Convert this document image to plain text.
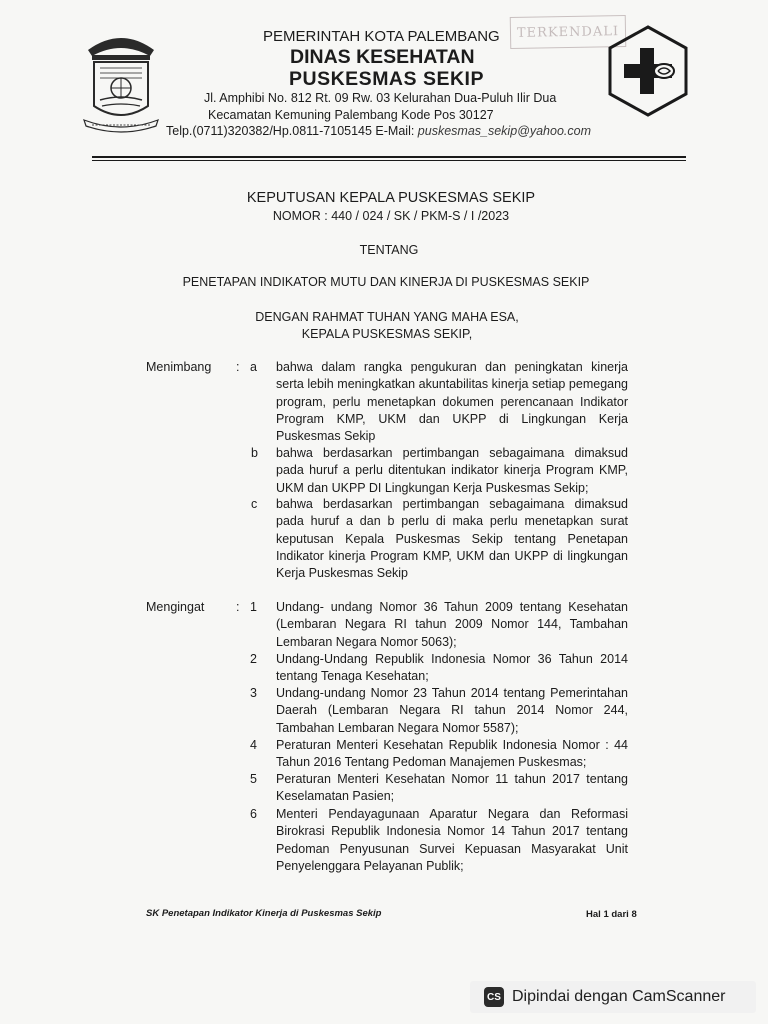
TERKENDALI
PEMERINTAH KOTA PALEMBANG
DINAS KESEHATAN
PUSKESMAS SEKIP
Jl. Amphibi No. 812 Rt. 09 Rw. 03 Kelurahan Dua-Puluh Ilir Dua
Kecamatan Kemuning Palembang Kode Pos 30127
Telp.(0711)320382/Hp.0811-7105145 E-Mail: puskesmas_sekip@yahoo.com
KEPUTUSAN KEPALA PUSKESMAS SEKIP
NOMOR : 440 / 024 / SK / PKM-S / I /2023
TENTANG
PENETAPAN INDIKATOR MUTU DAN KINERJA DI PUSKESMAS SEKIP
DENGAN RAHMAT TUHAN YANG MAHA ESA,
KEPALA PUSKESMAS SEKIP,
Menimbang : a bahwa dalam rangka pengukuran dan peningkatan kinerja serta lebih meningkatkan akuntabilitas kinerja setiap pemegang program, perlu menetapkan dokumen perencanaan Indikator Program KMP, UKM dan UKPP di Lingkungan Kerja Puskesmas Sekip

b bahwa berdasarkan pertimbangan sebagaimana dimaksud pada huruf a perlu ditentukan indikator kinerja Program KMP, UKM dan UKPP DI Lingkungan Kerja Puskesmas Sekip;

c bahwa berdasarkan pertimbangan sebagaimana dimaksud pada huruf a dan b perlu di maka perlu menetapkan surat keputusan Kepala Puskesmas Sekip tentang Penetapan Indikator kinerja Program KMP, UKM dan UKPP di lingkungan Kerja Puskesmas Sekip

Mengingat	: 1 Undang- undang Nomor 36 Tahun 2009 tentang Kesehatan (Lembaran Negara RI tahun 2009 Nomor 144, Tambahan Lembaran Negara Nomor 5063);

2 Undang-Undang Republik Indonesia Nomor 36 Tahun 2014 tentang Tenaga Kesehatan;

3 Undang-undang Nomor 23 Tahun 2014 tentang Pemerintahan Daerah (Lembaran Negara RI tahun 2014 Nomor 244, Tambahan Lembaran Negara Nomor 5587);

4 Peraturan Menteri Kesehatan Republik Indonesia Nomor : 44 Tahun 2016 Tentang Pedoman Manajemen Puskesmas;

5 Peraturan Menteri Kesehatan Nomor 11 tahun 2017 tentang Keselamatan Pasien;

6 Menteri Pendayagunaan Aparatur Negara dan Reformasi Birokrasi Republik Indonesia Nomor 14 Tahun 2017 tentang Pedoman Penyusunan Survei Kepuasan Masyarakat Unit Penyelenggara Pelayanan Publik;

SK Penetapan Indikator Kinerja di Puskesmas Sekip	Hal 1 dari 8
CS Dipindai dengan CamScanner
